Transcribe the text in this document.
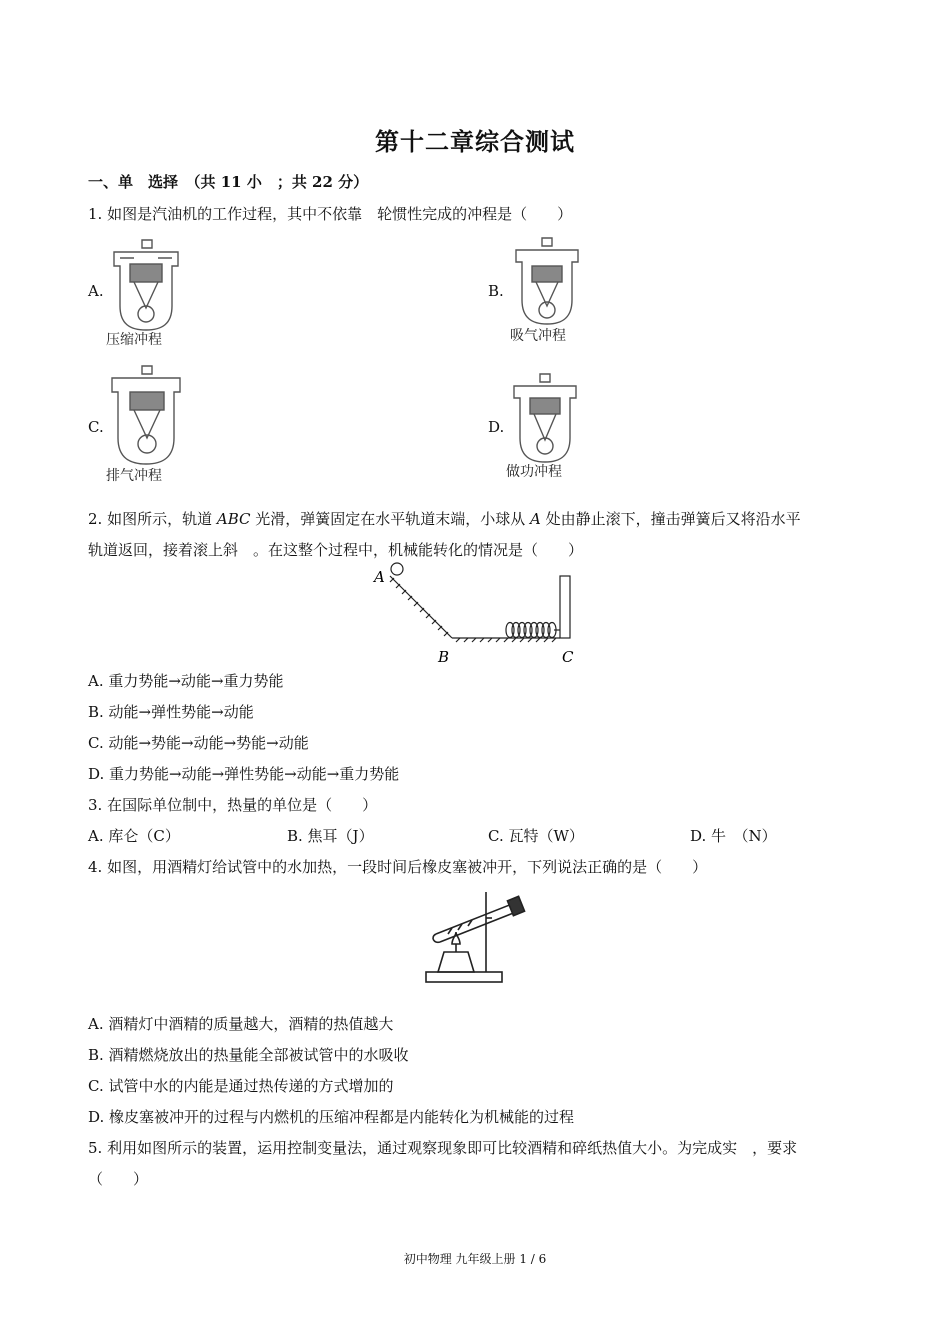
第十二章综合测试
一、单　选择　（共 11 小　；共 22 分）
1. 如图是汽油机的工作过程，其中不依靠　轮惯性完成的冲程是（　　）
A.
压缩冲程
B.
吸气冲程
C.
排气冲程
D.
做功冲程
2. 如图所示，轨道 ABC 光滑，弹簧固定在水平轨道末端，小球从 A 处由静止滚下，撞击弹簧后又将沿水平
轨道返回，接着滚上斜　。在这整个过程中，机械能转化的情况是（　　）
A
B	C
A. 重力势能→动能→重力势能
B. 动能→弹性势能→动能
C. 动能→势能→动能→势能→动能
D. 重力势能→动能→弹性势能→动能→重力势能
3. 在国际单位制中，热量的单位是（　　）
A. 库仑（C）	B. 焦耳（J）	C. 瓦特（W）	D. 牛　（N）
4. 如图，用酒精灯给试管中的水加热，一段时间后橡皮塞被冲开，下列说法正确的是（　　）
A. 酒精灯中酒精的质量越大，酒精的热值越大
B. 酒精燃烧放出的热量能全部被试管中的水吸收
C. 试管中水的内能是通过热传递的方式增加的
D. 橡皮塞被冲开的过程与内燃机的压缩冲程都是内能转化为机械能的过程
5. 利用如图所示的装置，运用控制变量法，通过观察现象即可比较酒精和碎纸热值大小。为完成实　，要求
（　　）
初中物理 九年级上册 1 / 6
